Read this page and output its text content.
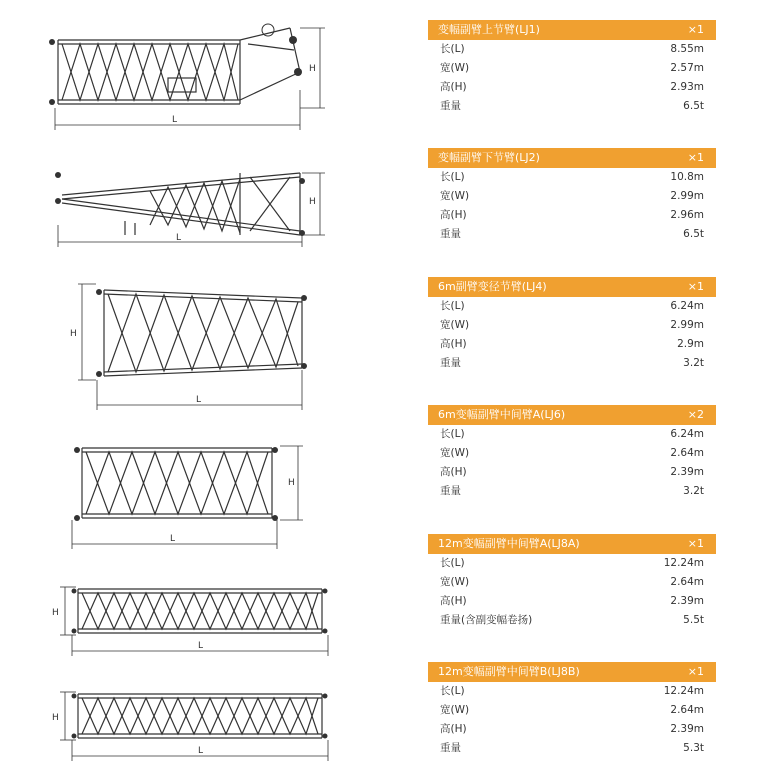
L
H
L
H
L
H
L
H
L
H
L
H
变幅副臂上节臂(LJ1)	×1
长(L)	8.55m
宽(W)	2.57m
高(H)	2.93m
重量	6.5t
变幅副臂下节臂(LJ2)	×1
长(L)	10.8m
宽(W)	2.99m
高(H)	2.96m
重量	6.5t
6m副臂变径节臂(LJ4)	×1
长(L)	6.24m
宽(W)	2.99m
高(H)	2.9m
重量	3.2t
6m变幅副臂中间臂A(LJ6)	×2
长(L)	6.24m
宽(W)	2.64m
高(H)	2.39m
重量	3.2t
12m变幅副臂中间臂A(LJ8A)	×1
长(L)	12.24m
宽(W)	2.64m
高(H)	2.39m
重量(含副变幅卷扬)	5.5t
12m变幅副臂中间臂B(LJ8B)	×1
长(L)	12.24m
宽(W)	2.64m
高(H)	2.39m
重量	5.3t
